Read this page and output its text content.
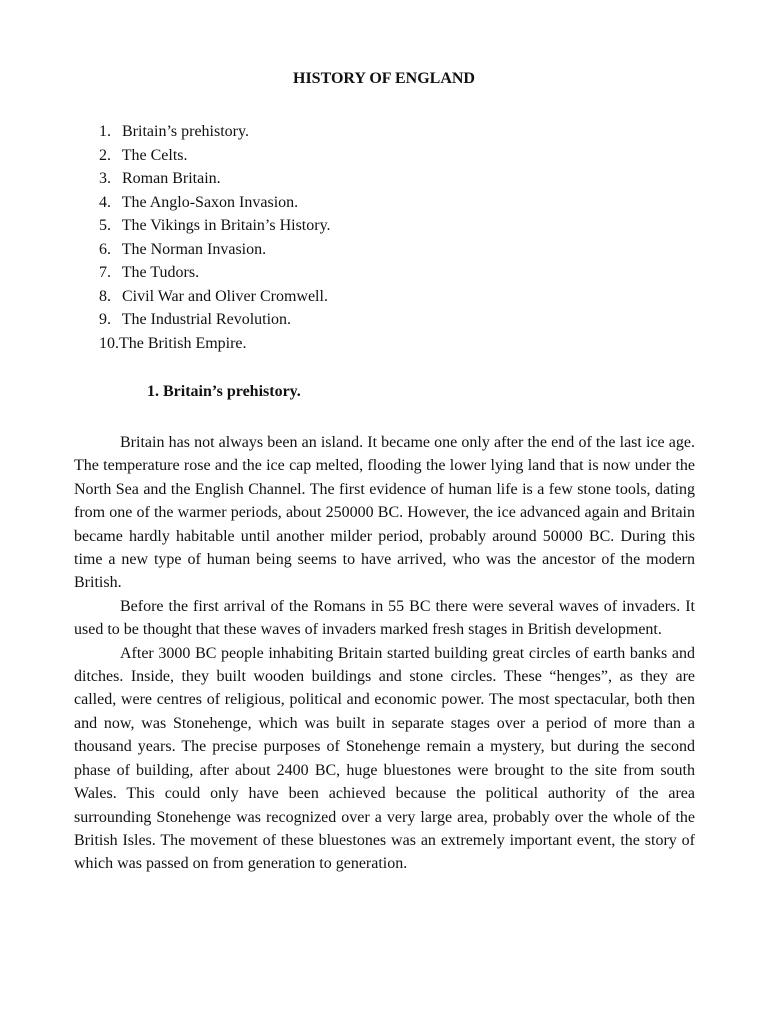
HISTORY OF ENGLAND
1. Britain’s prehistory.
2. The Celts.
3. Roman Britain.
4. The Anglo-Saxon Invasion.
5. The Vikings in Britain’s History.
6. The Norman Invasion.
7. The Tudors.
8. Civil War and Oliver Cromwell.
9. The Industrial Revolution.
10.The British Empire.
1. Britain’s prehistory.

Britain has not always been an island. It became one only after the end of the last ice age. The temperature rose and the ice cap melted, flooding the lower lying land that is now under the North Sea and the English Channel. The first evidence of human life is a few stone tools, dating from one of the warmer periods, about 250000 BC. However, the ice advanced again and Britain became hardly habitable until another milder period, probably around 50000 BC. During this time a new type of human being seems to have arrived, who was the ancestor of the modern British.

Before the first arrival of the Romans in 55 BC there were several waves of invaders. It used to be thought that these waves of invaders marked fresh stages in British development.

After 3000 BC people inhabiting Britain started building great circles of earth banks and ditches. Inside, they built wooden buildings and stone circles. These “henges”, as they are called, were centres of religious, political and economic power. The most spectacular, both then and now, was Stonehenge, which was built in separate stages over a period of more than a thousand years. The precise purposes of Stonehenge remain a mystery, but during the second phase of building, after about 2400 BC, huge bluestones were brought to the site from south Wales. This could only have been achieved because the political authority of the area surrounding Stonehenge was recognized over a very large area, probably over the whole of the British Isles. The movement of these bluestones was an extremely important event, the story of which was passed on from generation to generation.
